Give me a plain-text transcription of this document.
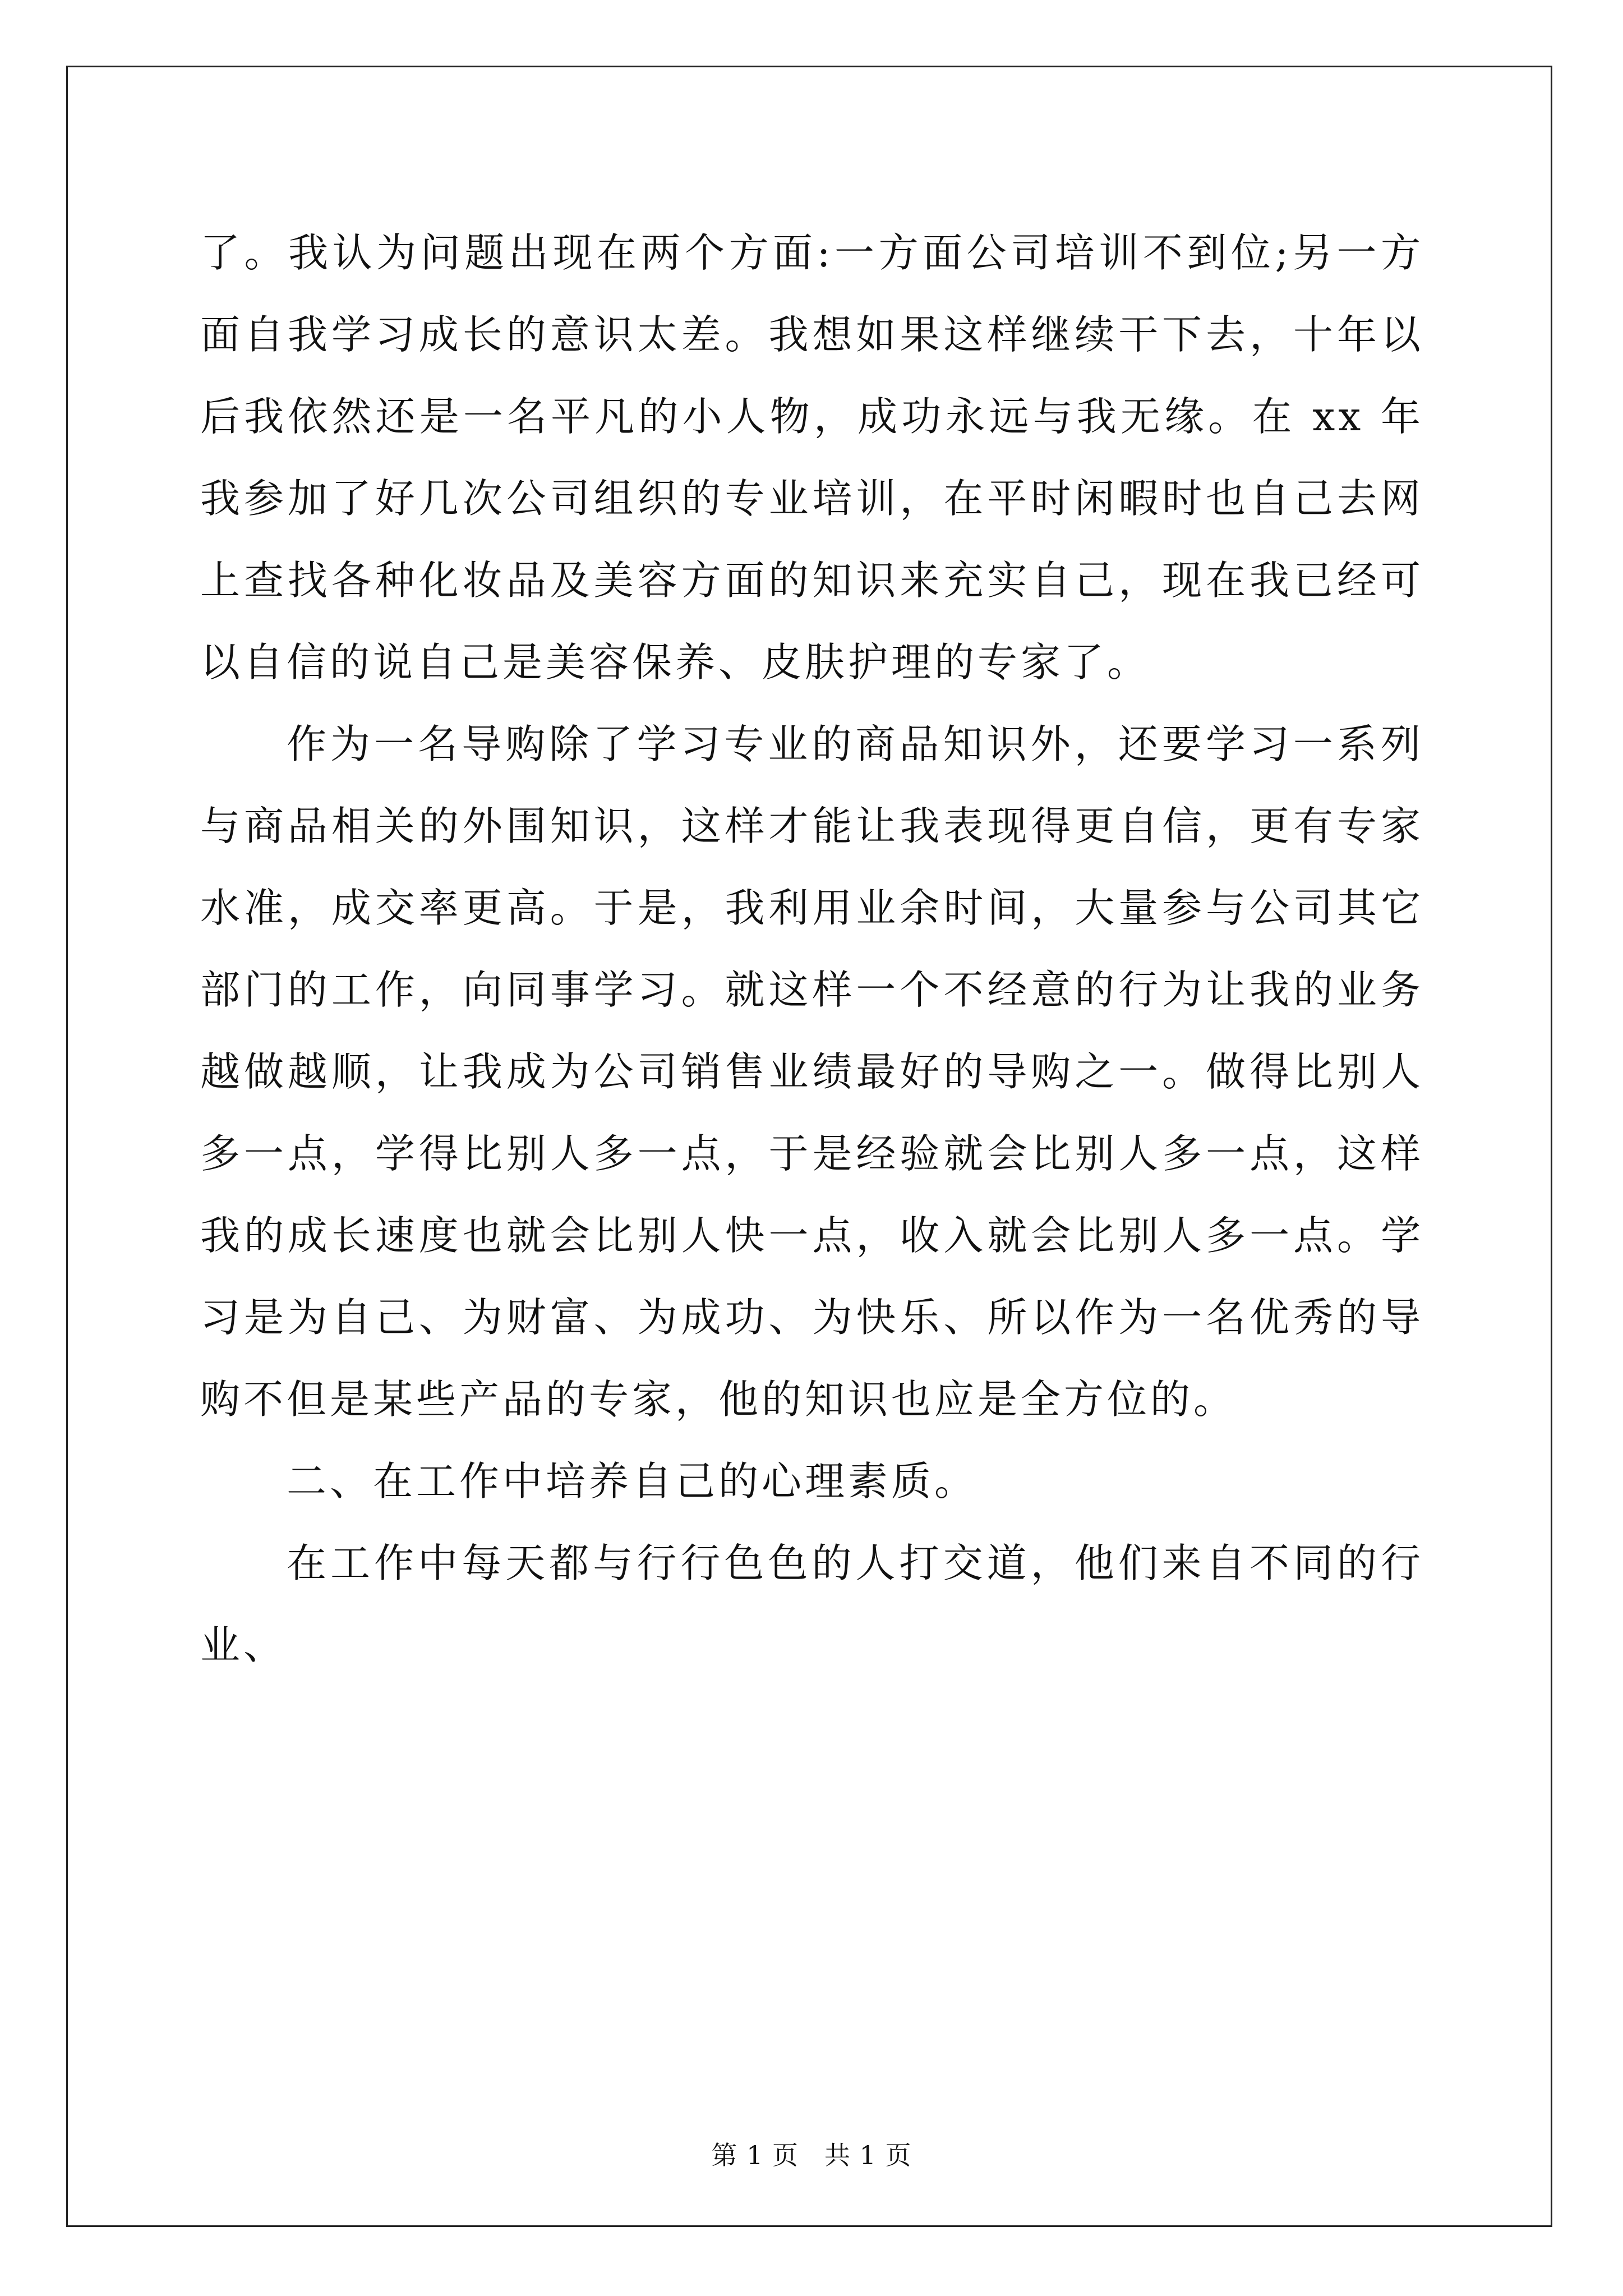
了。我认为问题出现在两个方面:一方面公司培训不到位;另一方面自我学习成长的意识太差。我想如果这样继续干下去，十年以后我依然还是一名平凡的小人物，成功永远与我无缘。在 xx 年我参加了好几次公司组织的专业培训，在平时闲暇时也自己去网上查找各种化妆品及美容方面的知识来充实自己，现在我已经可以自信的说自己是美容保养、皮肤护理的专家了。

作为一名导购除了学习专业的商品知识外，还要学习一系列与商品相关的外围知识，这样才能让我表现得更自信，更有专家水准，成交率更高。于是，我利用业余时间，大量参与公司其它部门的工作，向同事学习。就这样一个不经意的行为让我的业务越做越顺，让我成为公司销售业绩最好的导购之一。做得比别人多一点，学得比别人多一点，于是经验就会比别人多一点，这样我的成长速度也就会比别人快一点，收入就会比别人多一点。学习是为自己、为财富、为成功、为快乐、所以作为一名优秀的导购不但是某些产品的专家，他的知识也应是全方位的。

二、在工作中培养自己的心理素质。

在工作中每天都与行行色色的人打交道，他们来自不同的行业、

第 1 页 共 1 页
